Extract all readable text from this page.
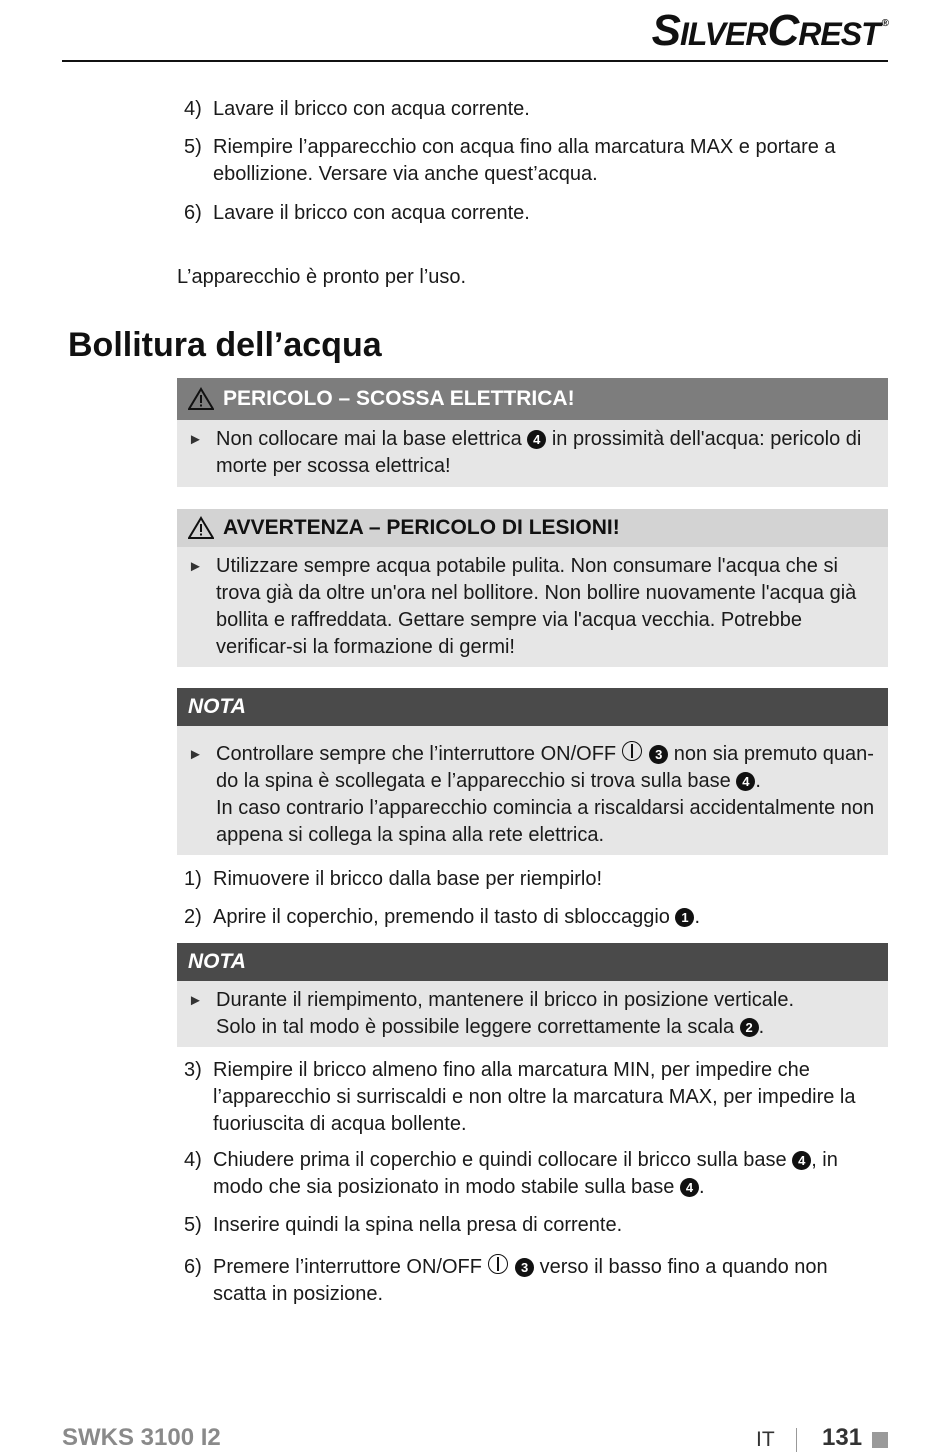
SILVERCREST ®
4) Lavare il bricco con acqua corrente.
5) Riempire l’apparecchio con acqua fino alla marcatura MAX e portare a ebollizione. Versare via anche quest’acqua.
6) Lavare il bricco con acqua corrente.
L’apparecchio è pronto per l’uso.
Bollitura dell’acqua
PERICOLO – SCOSSA ELETTRICA!
► Non collocare mai la base elettrica 4 in prossimità dell'acqua: pericolo di morte per scossa elettrica!
AVVERTENZA – PERICOLO DI LESIONI!
► Utilizzare sempre acqua potabile pulita. Non consumare l'acqua che si trova già da oltre un'ora nel bollitore. Non bollire nuovamente l'acqua già bollita e raffreddata. Gettare sempre via l'acqua vecchia. Potrebbe verificar-si la formazione di germi!
NOTA
► Controllare sempre che l’interruttore ON/OFF	3 non sia premuto quan-do la spina è scollegata e l’apparecchio si trova sulla base 4 .
In caso contrario l’apparecchio comincia a riscaldarsi accidentalmente non appena si collega la spina alla rete elettrica.
1) Rimuovere il bricco dalla base per riempirlo!
2) Aprire il coperchio, premendo il tasto di sbloccaggio 1 .
NOTA
► Durante il riempimento, mantenere il bricco in posizione verticale. Solo in tal modo è possibile leggere correttamente la scala 2 .
3) Riempire il bricco almeno fino alla marcatura MIN, per impedire che l’apparecchio si surriscaldi e non oltre la marcatura MAX, per impedire la fuoriuscita di acqua bollente.
4) Chiudere prima il coperchio e quindi collocare il bricco sulla base 4 , in modo che sia posizionato in modo stabile sulla base 4 .
5) Inserire quindi la spina nella presa di corrente.
6) Premere l’interruttore ON/OFF	3 verso il basso fino a quando non scatta in posizione.
SWKS 3100 I2	IT 131
